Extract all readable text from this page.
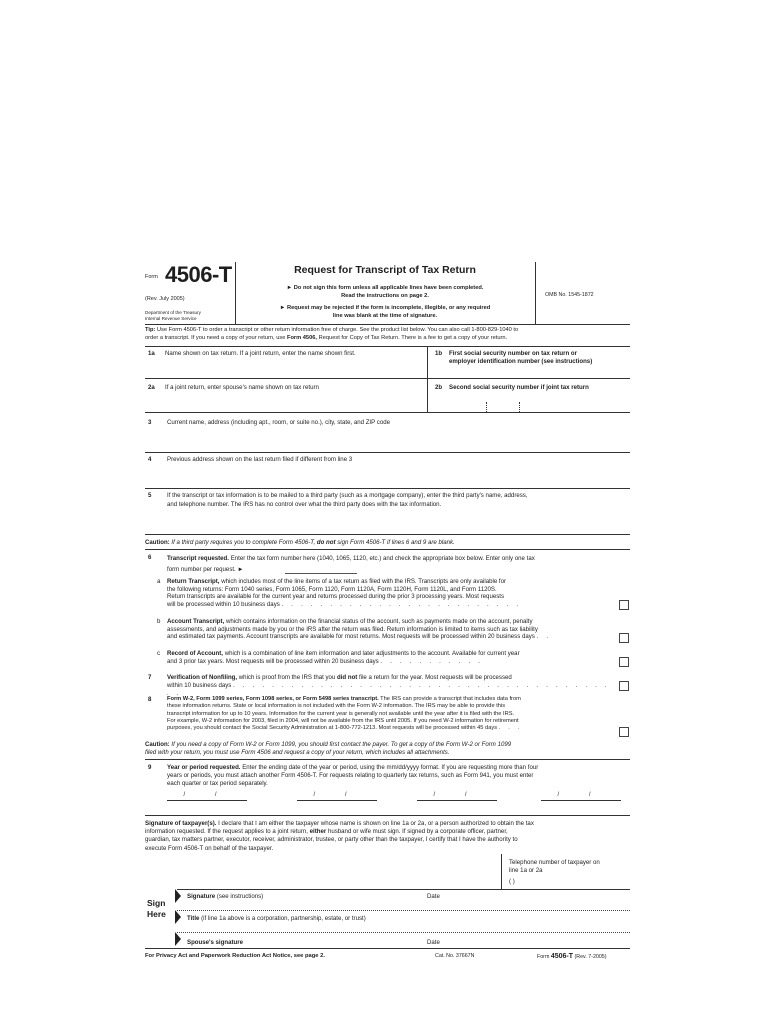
Form 4506-T
(Rev. July 2005)
Department of the Treasury
Internal Revenue Service
Request for Transcript of Tax Return
► Do not sign this form unless all applicable lines have been completed.
Read the instructions on page 2.
► Request may be rejected if the form is incomplete, illegible, or any required
line was blank at the time of signature.
OMB No. 1545-1872
Tip: Use Form 4506-T to order a transcript or other return information free of charge. See the product list below. You can also call 1-800-829-1040 to
order a transcript. If you need a copy of your return, use Form 4506, Request for Copy of Tax Return. There is a fee to get a copy of your return.
1a Name shown on tax return. If a joint return, enter the name shown first.	1b First social security number on tax return or
employer identification number (see instructions)
2a If a joint return, enter spouse's name shown on tax return	2b Second social security number if joint tax return
3	Current name, address (including apt., room, or suite no.), city, state, and ZIP code
4	Previous address shown on the last return filed if different from line 3
5	If the transcript or tax information is to be mailed to a third party (such as a mortgage company), enter the third party's name, address,
and telephone number. The IRS has no control over what the third party does with the tax information.
Caution: If a third party requires you to complete Form 4506-T, do not sign Form 4506-T if lines 6 and 9 are blank.
6	Transcript requested. Enter the tax form number here (1040, 1065, 1120, etc.) and check the appropriate box below. Enter only one tax
form number per request. ►
a Return Transcript, which includes most of the line items of a tax return as filed with the IRS. Transcripts are only available for
the following returns: Form 1040 series, Form 1065, Form 1120, Form 1120A, Form 1120H, Form 1120L, and Form 1120S.
Return transcripts are available for the current year and returns processed during the prior 3 processing years. Most requests
will be processed within 10 business days . . . . . . . . . . . . . . . . . . . . . . . . .
b Account Transcript, which contains information on the financial status of the account, such as payments made on the account, penalty
assessments, and adjustments made by you or the IRS after the return was filed. Return information is limited to items such as tax liability
and estimated tax payments. Account transcripts are available for most returns. Most requests will be processed within 20 business days . .
c Record of Account, which is a combination of line item information and later adjustments to the account. Available for current year
and 3 prior tax years. Most requests will be processed within 20 business days . . . . . . . . . . .
7	Verification of Nonfiling, which is proof from the IRS that you did not file a return for the year. Most requests will be processed
within 10 business days . . . . . . . . . . . . . . . . . . . . . . . . . . . . . . . . . . . . . . . . .
8	Form W-2, Form 1099 series, Form 1098 series, or Form 5498 series transcript. The IRS can provide a transcript that includes data from
these information returns. State or local information is not included with the Form W-2 information. The IRS may be able to provide this
transcript information for up to 10 years. Information for the current year is generally not available until the year after it is filed with the IRS.
For example, W-2 information for 2003, filed in 2004, will not be available from the IRS until 2005. If you need W-2 information for retirement
purposes, you should contact the Social Security Administration at 1-800-772-1213. Most requests will be processed within 45 days . . .
Caution: If you need a copy of Form W-2 or Form 1099, you should first contact the payer. To get a copy of the Form W-2 or Form 1099
filed with your return, you must use Form 4506 and request a copy of your return, which includes all attachments.
9	Year or period requested. Enter the ending date of the year or period, using the mm/dd/yyyy format. If you are requesting more than four
years or periods, you must attach another Form 4506-T. For requests relating to quarterly tax returns, such as Form 941, you must enter
each quarter or tax period separately.
/ /	/ /	/ /	/ /
Signature of taxpayer(s). I declare that I am either the taxpayer whose name is shown on line 1a or 2a, or a person authorized to obtain the tax
information requested. If the request applies to a joint return, either husband or wife must sign. If signed by a corporate officer, partner,
guardian, tax matters partner, executor, receiver, administrator, trustee, or party other than the taxpayer, I certify that I have the authority to
execute Form 4506-T on behalf of the taxpayer.
Telephone number of taxpayer on
line 1a or 2a
( )
Sign
Here
Signature (see instructions)	Date
Title (if line 1a above is a corporation, partnership, estate, or trust)
Spouse's signature	Date
For Privacy Act and Paperwork Reduction Act Notice, see page 2.	Cat. No. 37667N	Form 4506-T (Rev. 7-2005)
